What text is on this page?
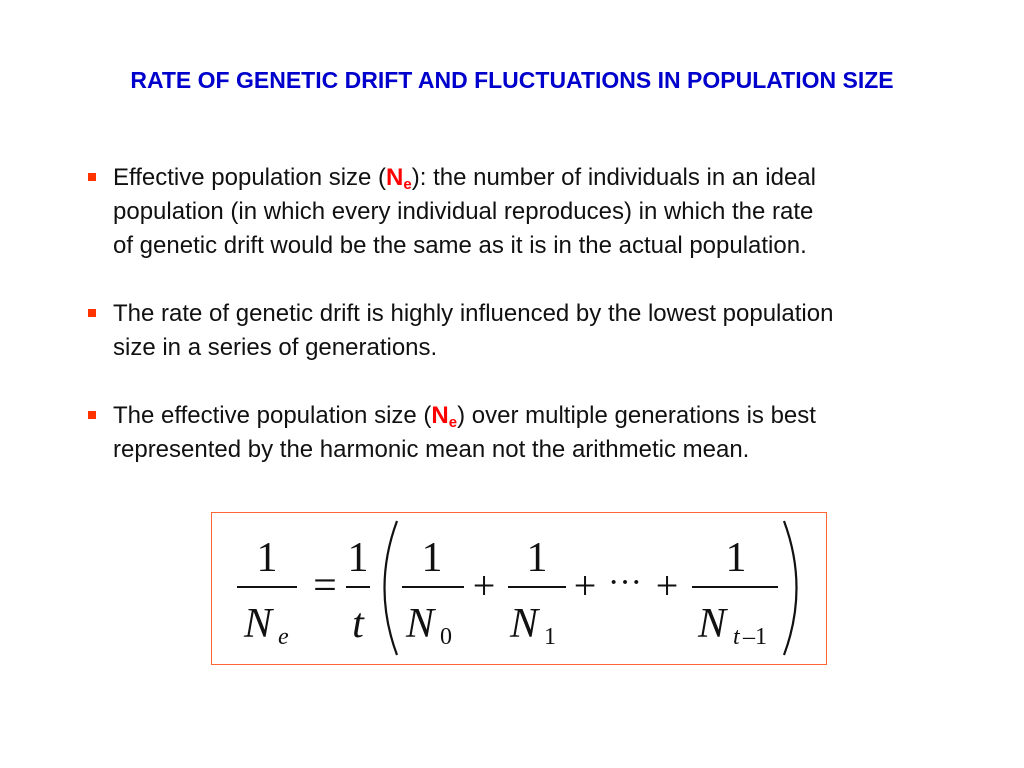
RATE OF GENETIC DRIFT AND FLUCTUATIONS IN POPULATION SIZE
Effective population size $(N_e)$: the number of individuals in an ideal
population (in which every individual reproduces) in which the rate
of genetic drift would be the same as it is in the actual population.
The rate of genetic drift is highly influenced by the lowest population
size in a series of generations.
The effective population size $(N_e)$ over multiple generations is best
represented by the harmonic mean not the arithmetic mean.
1
N e
=
1
t
1
N 0
+
1
N 1
+ ··· +
1
N t –1
